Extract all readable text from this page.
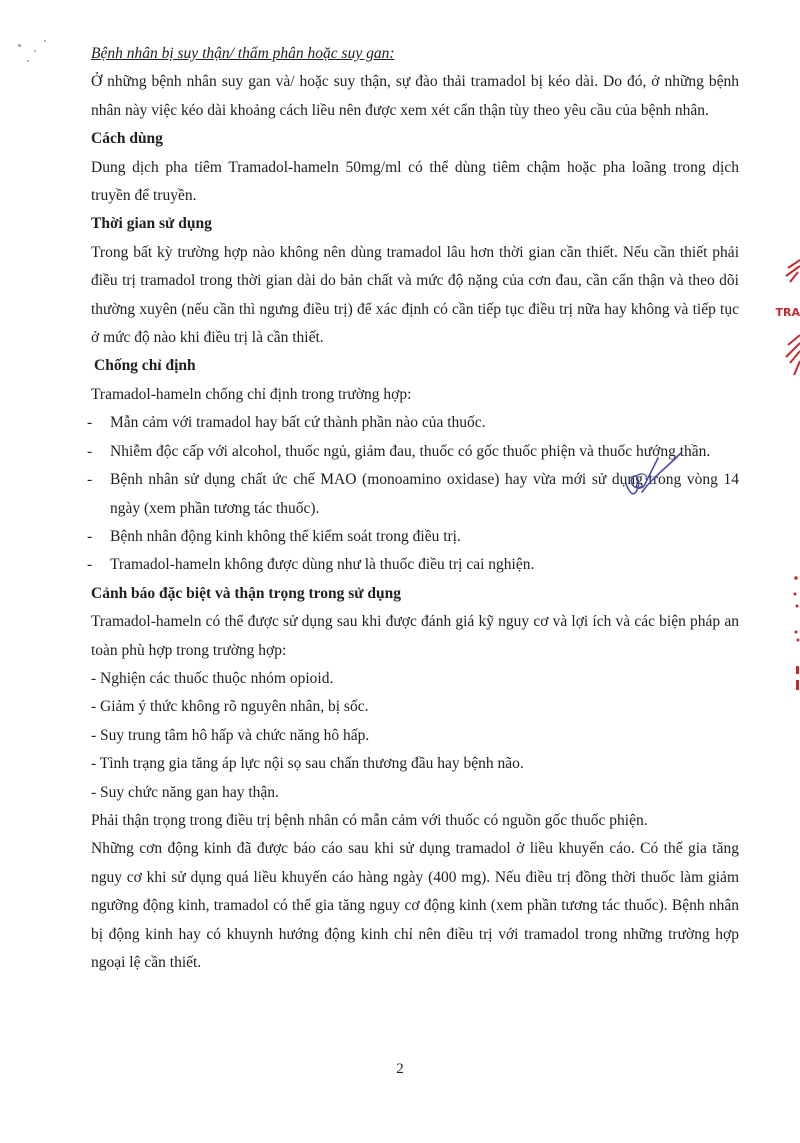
Bệnh nhân bị suy thận/ thẩm phân hoặc suy gan:

Ở những bệnh nhân suy gan và/ hoặc suy thận, sự đào thải tramadol bị kéo dài. Do đó, ở những bệnh nhân này việc kéo dài khoảng cách liều nên được xem xét cẩn thận tùy theo yêu cầu của bệnh nhân.

Cách dùng

Dung dịch pha tiêm Tramadol-hameln 50mg/ml có thể dùng tiêm chậm hoặc pha loãng trong dịch truyền để truyền.

Thời gian sử dụng

Trong bất kỳ trường hợp nào không nên dùng tramadol lâu hơn thời gian cần thiết. Nếu cần thiết phải điều trị tramadol trong thời gian dài do bản chất và mức độ nặng của cơn đau, cần cẩn thận và theo dõi thường xuyên (nếu cần thì ngưng điều trị) để xác định có cần tiếp tục điều trị nữa hay không và tiếp tục ở mức độ nào khi điều trị là cần thiết.

Chống chỉ định

Tramadol-hameln chống chỉ định trong trường hợp:

- Mẫn cảm với tramadol hay bất cứ thành phần nào của thuốc.
- Nhiễm độc cấp với alcohol, thuốc ngủ, giảm đau, thuốc có gốc thuốc phiện và thuốc hướng thần.
- Bệnh nhân sử dụng chất ức chế MAO (monoamino oxidase) hay vừa mới sử dụng trong vòng 14 ngày (xem phần tương tác thuốc).
- Bệnh nhân động kinh không thể kiểm soát trong điều trị.
- Tramadol-hameln không được dùng như là thuốc điều trị cai nghiện.

Cảnh báo đặc biệt và thận trọng trong sử dụng

Tramadol-hameln có thể được sử dụng sau khi được đánh giá kỹ nguy cơ và lợi ích và các biện pháp an toàn phù hợp trong trường hợp:

- Nghiện các thuốc thuộc nhóm opioid.

- Giảm ý thức không rõ nguyên nhân, bị sốc.

- Suy trung tâm hô hấp và chức năng hô hấp.

- Tình trạng gia tăng áp lực nội sọ sau chấn thương đầu hay bệnh não.

- Suy chức năng gan hay thận.

Phải thận trọng trong điều trị bệnh nhân có mẫn cảm với thuốc có nguồn gốc thuốc phiện.

Những cơn động kinh đã được báo cáo sau khi sử dụng tramadol ở liều khuyến cáo. Có thể gia tăng nguy cơ khi sử dụng quá liều khuyến cáo hàng ngày (400 mg). Nếu điều trị đồng thời thuốc làm giảm ngưỡng động kinh, tramadol có thể gia tăng nguy cơ động kinh (xem phần tương tác thuốc). Bệnh nhân bị động kinh hay có khuynh hướng động kinh chỉ nên điều trị với tramadol trong những trường hợp ngoại lệ cần thiết.

TRA
2
